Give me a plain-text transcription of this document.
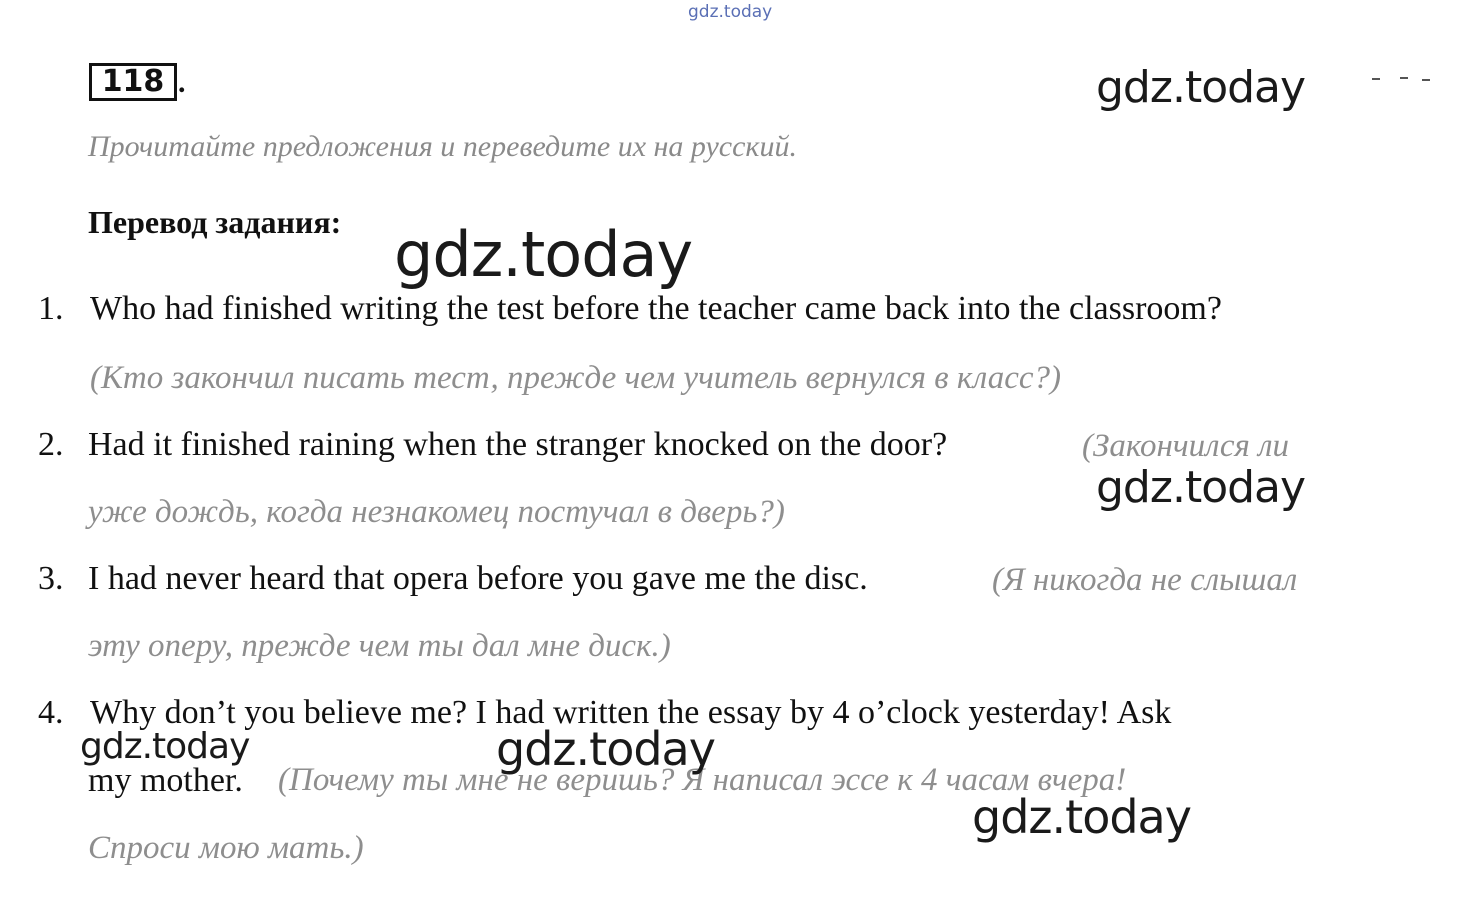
gdz.today
gdz.today
gdz.today
gdz.today
gdz.today	gdz.today
gdz.today
118 .
Прочитайте предложения и переведите их на русский.
Перевод задания:
1. Who had finished writing the test before the teacher came back into the classroom?
(Кто закончил писать тест, прежде чем учитель вернулся в класс?)
2. Had it finished raining when the stranger knocked on the door?	(Закончился ли
уже дождь, когда незнакомец постучал в дверь?)
3. I had never heard that opera before you gave me the disc.	(Я никогда не слышал
эту оперу, прежде чем ты дал мне диск.)
4. Why don’t you believe me? I had written the essay by 4 o’clock yesterday! Ask
my mother. (Почему ты мне не веришь? Я написал эссе к 4 часам вчера!
Спроси мою мать.)
